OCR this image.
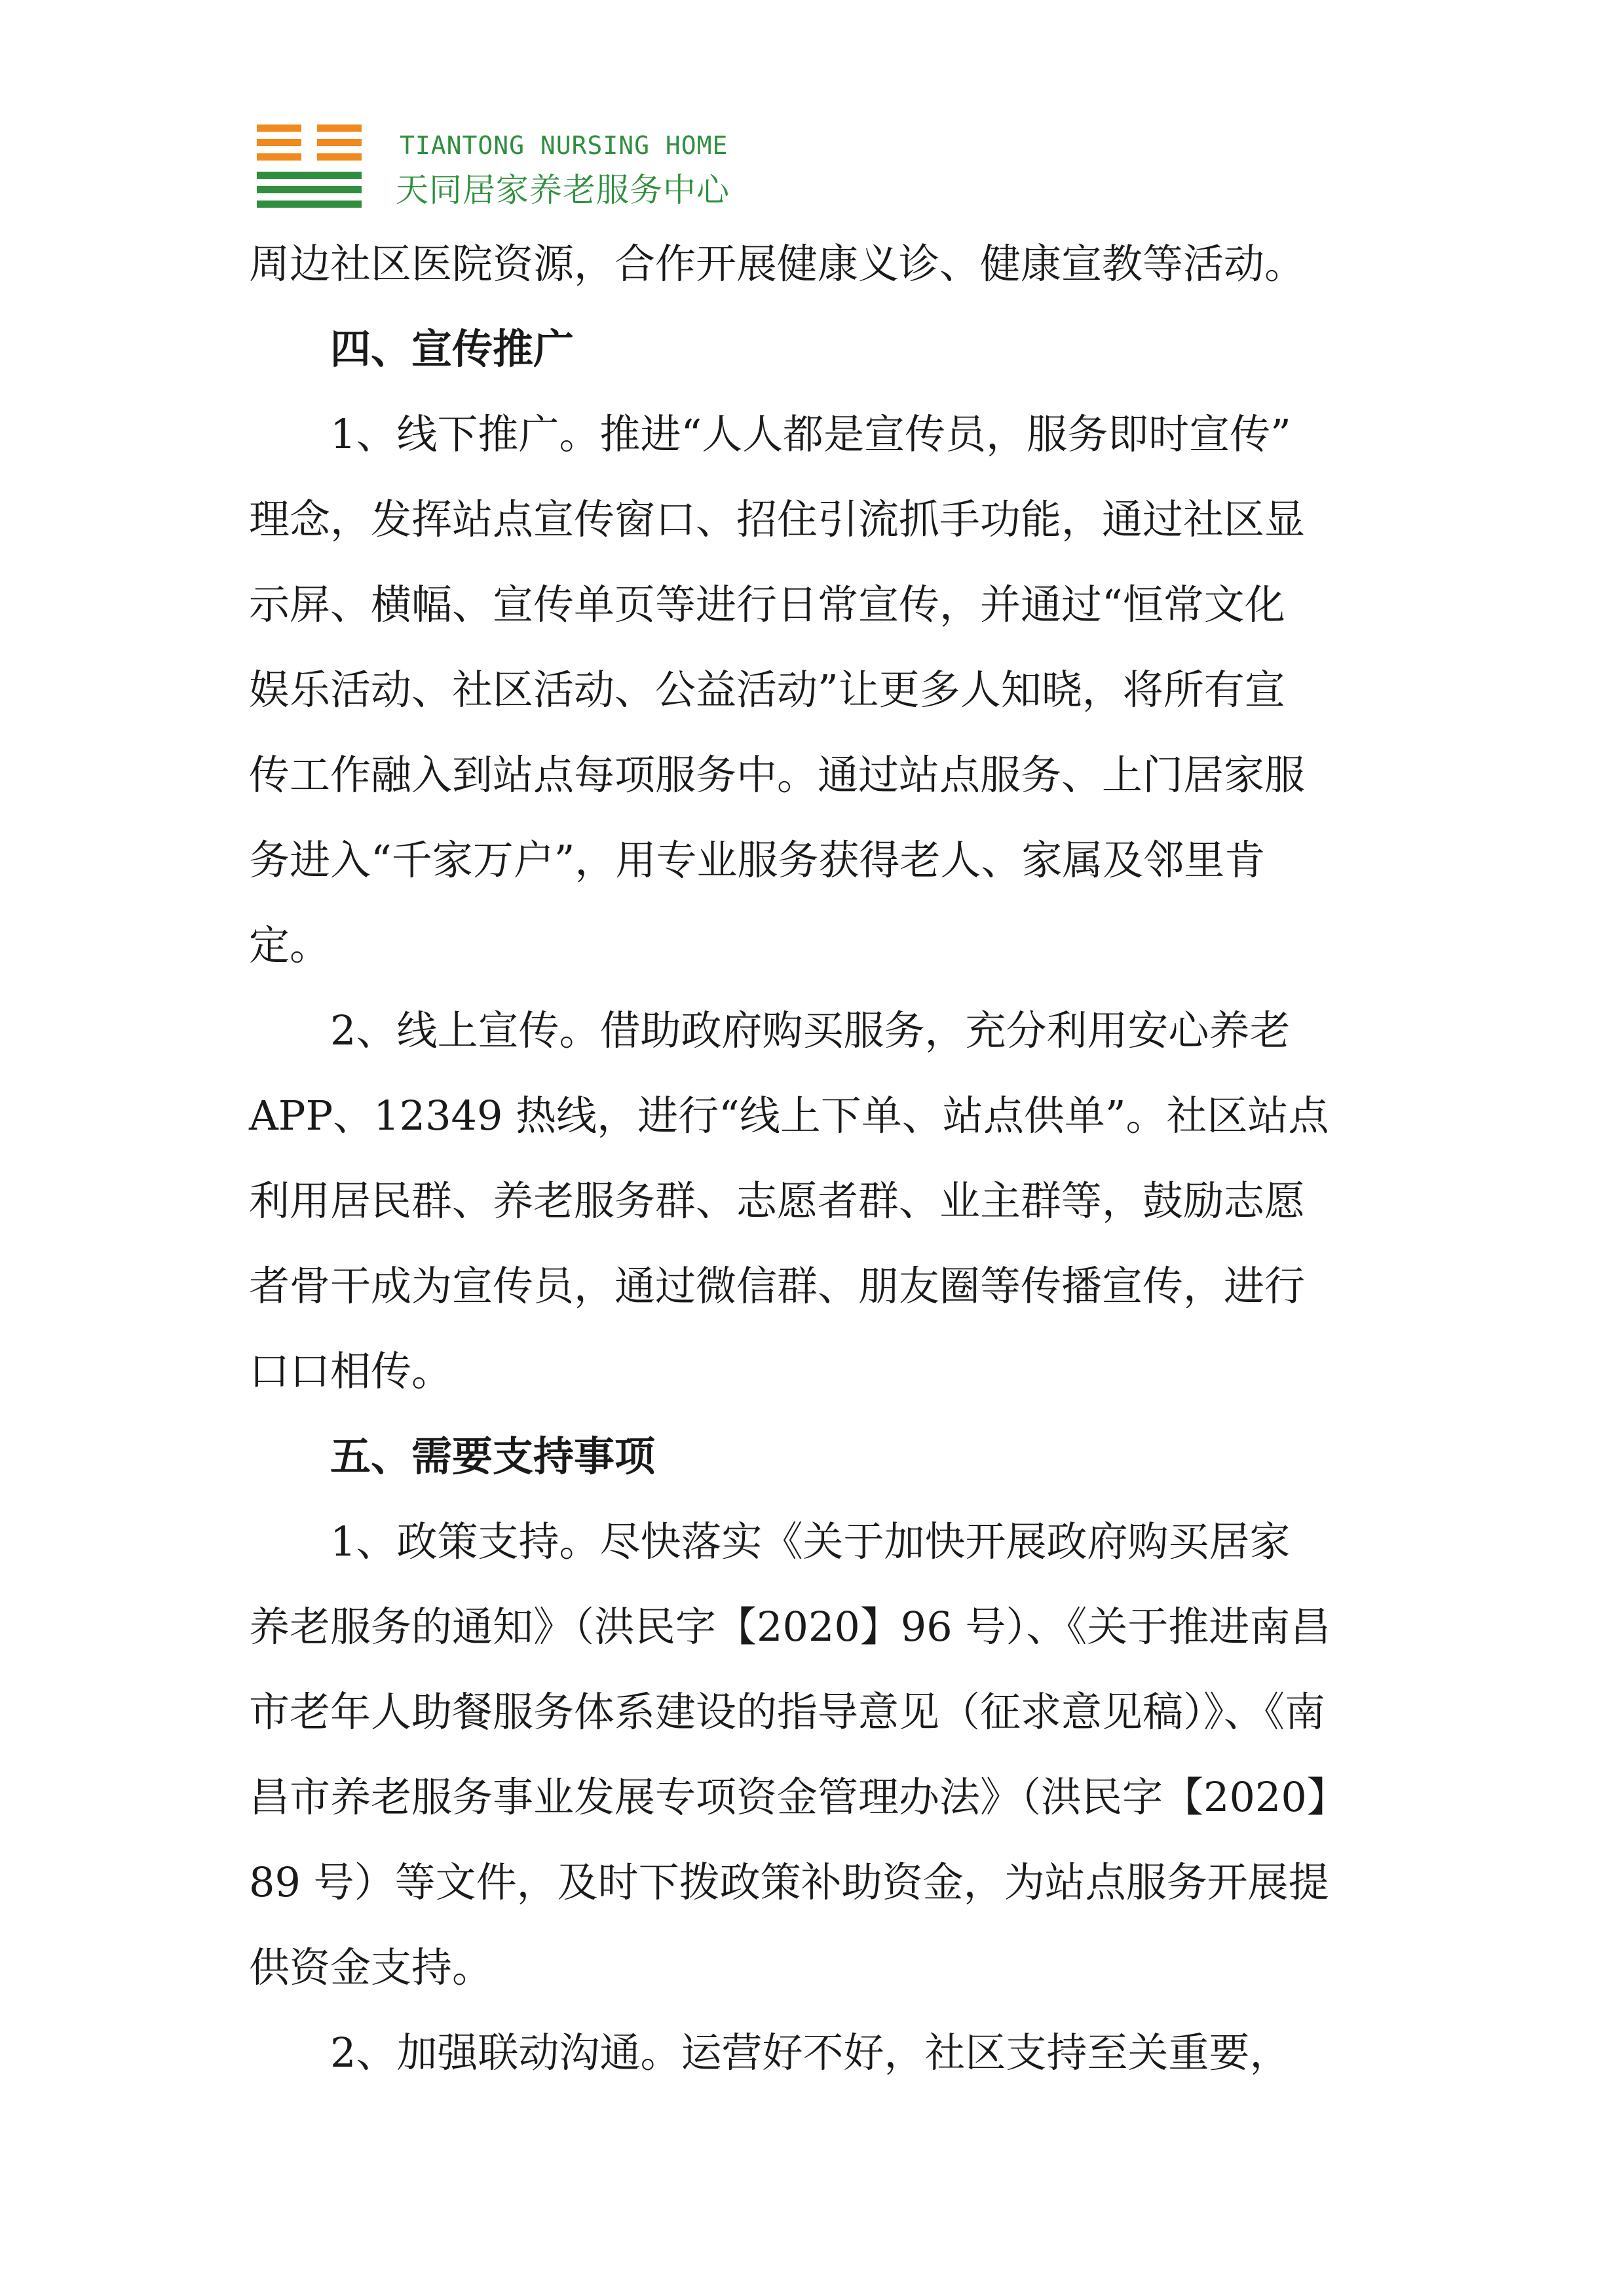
TIANTONG NURSING HOME
天同居家养老服务中心
周边社区医院资源，合作开展健康义诊、健康宣教等活动。
四、宣传推广
1、线下推广。推进“人人都是宣传员，服务即时宣传”
理念，发挥站点宣传窗口、招住引流抓手功能，通过社区显
示屏、横幅、宣传单页等进行日常宣传，并通过“恒常文化
娱乐活动、社区活动、公益活动”让更多人知晓，将所有宣
传工作融入到站点每项服务中。通过站点服务、上门居家服
务进入“千家万户”，用专业服务获得老人、家属及邻里肯
定。
2、线上宣传。借助政府购买服务，充分利用安心养老
APP、12349 热线，进行“线上下单、站点供单”。社区站点
利用居民群、养老服务群、志愿者群、业主群等，鼓励志愿
者骨干成为宣传员，通过微信群、朋友圈等传播宣传，进行
口口相传。
五、需要支持事项
1、政策支持。尽快落实《关于加快开展政府购买居家
养老服务的通知》（洪民字【2020】96 号）、《关于推进南昌
市老年人助餐服务体系建设的指导意见（征求意见稿）》、《南
昌市养老服务事业发展专项资金管理办法》（洪民字【2020】
89 号）等文件，及时下拨政策补助资金，为站点服务开展提
供资金支持。
2、加强联动沟通。运营好不好，社区支持至关重要，
